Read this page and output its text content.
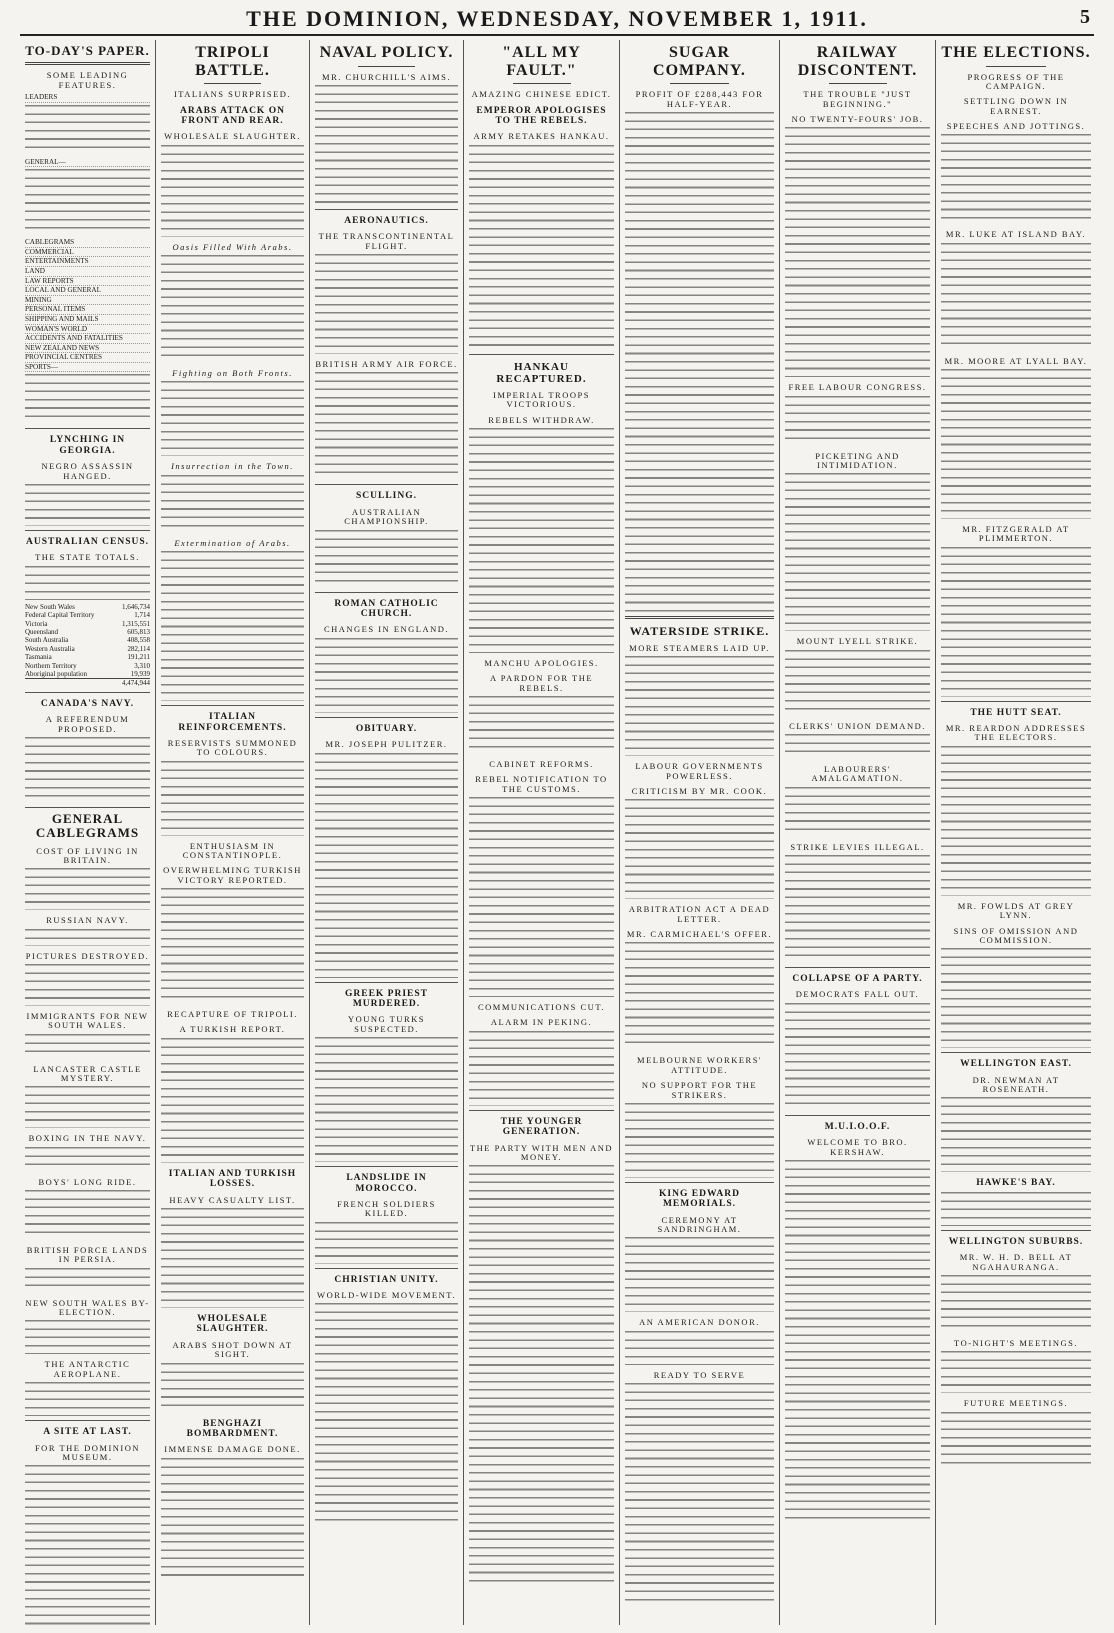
THE DOMINION, WEDNESDAY, NOVEMBER 1, 1911.	5
TO-DAY'S PAPER.
SOME LEADING FEATURES.
LEADERS
GENERAL—
CABLEGRAMS
COMMERCIAL
ENTERTAINMENTS
LAND
LAW REPORTS
LOCAL AND GENERAL
MINING
PERSONAL ITEMS
SHIPPING AND MAILS
WOMAN'S WORLD
ACCIDENTS AND FATALITIES
NEW ZEALAND NEWS
PROVINCIAL CENTRES
SPORTS—
LYNCHING IN GEORGIA.
NEGRO ASSASSIN HANGED.
AUSTRALIAN CENSUS.
THE STATE TOTALS.
New South Wales	1,646,734
Federal Capital Territory	1,714
Victoria	1,315,551
Queensland	605,813
South Australia	408,558
Western Australia	282,114
Tasmania	191,211
Northern Territory	3,310
Aboriginal population	19,939
4,474,944
CANADA'S NAVY.
A REFERENDUM PROPOSED.
GENERAL CABLEGRAMS
COST OF LIVING IN BRITAIN.
RUSSIAN NAVY.
PICTURES DESTROYED.
IMMIGRANTS FOR NEW SOUTH WALES.
LANCASTER CASTLE MYSTERY.
BOXING IN THE NAVY.
BOYS' LONG RIDE.
BRITISH FORCE LANDS IN PERSIA.
NEW SOUTH WALES BY-ELECTION.
THE ANTARCTIC AEROPLANE.
A SITE AT LAST.
FOR THE DOMINION MUSEUM.
TRIPOLI BATTLE.
ITALIANS SURPRISED.
ARABS ATTACK ON FRONT AND REAR.
WHOLESALE SLAUGHTER.
Oasis Filled With Arabs.
Fighting on Both Fronts.
Insurrection in the Town.
Extermination of Arabs.
ITALIAN REINFORCEMENTS.
RESERVISTS SUMMONED TO COLOURS.
ENTHUSIASM IN CONSTANTINOPLE.
OVERWHELMING TURKISH VICTORY REPORTED.
RECAPTURE OF TRIPOLI.
A TURKISH REPORT.
ITALIAN AND TURKISH LOSSES.
HEAVY CASUALTY LIST.
WHOLESALE SLAUGHTER.
ARABS SHOT DOWN AT SIGHT.
BENGHAZI BOMBARDMENT.
IMMENSE DAMAGE DONE.
NAVAL POLICY.
MR. CHURCHILL'S AIMS.
AERONAUTICS.
THE TRANSCONTINENTAL FLIGHT.
BRITISH ARMY AIR FORCE.
SCULLING.
AUSTRALIAN CHAMPIONSHIP.
ROMAN CATHOLIC CHURCH.
CHANGES IN ENGLAND.
OBITUARY.
MR. JOSEPH PULITZER.
GREEK PRIEST MURDERED.
YOUNG TURKS SUSPECTED.
LANDSLIDE IN MOROCCO.
FRENCH SOLDIERS KILLED.
CHRISTIAN UNITY.
WORLD-WIDE MOVEMENT.
"ALL MY FAULT."
AMAZING CHINESE EDICT.
EMPEROR APOLOGISES TO THE REBELS.
ARMY RETAKES HANKAU.
HANKAU RECAPTURED.
IMPERIAL TROOPS VICTORIOUS.
REBELS WITHDRAW.
MANCHU APOLOGIES.
A PARDON FOR THE REBELS.
CABINET REFORMS.
REBEL NOTIFICATION TO THE CUSTOMS.
COMMUNICATIONS CUT.
ALARM IN PEKING.
THE YOUNGER GENERATION.
THE PARTY WITH MEN AND MONEY.
SUGAR COMPANY.
PROFIT OF £288,443 FOR HALF-YEAR.
WATERSIDE STRIKE.
MORE STEAMERS LAID UP.
LABOUR GOVERNMENTS POWERLESS.
CRITICISM BY MR. COOK.
ARBITRATION ACT A DEAD LETTER.
MR. CARMICHAEL'S OFFER.
MELBOURNE WORKERS' ATTITUDE.
NO SUPPORT FOR THE STRIKERS.
KING EDWARD MEMORIALS.
CEREMONY AT SANDRINGHAM.
AN AMERICAN DONOR.
READY TO SERVE
RAILWAY DISCONTENT.
THE TROUBLE "JUST BEGINNING."
NO TWENTY-FOURS' JOB.
FREE LABOUR CONGRESS.
PICKETING AND INTIMIDATION.
MOUNT LYELL STRIKE.
CLERKS' UNION DEMAND.
LABOURERS' AMALGAMATION.
STRIKE LEVIES ILLEGAL.
COLLAPSE OF A PARTY.
DEMOCRATS FALL OUT.
M.U.I.O.O.F.
WELCOME TO BRO. KERSHAW.
THE ELECTIONS.
PROGRESS OF THE CAMPAIGN.
SETTLING DOWN IN EARNEST.
SPEECHES AND JOTTINGS.
MR. LUKE AT ISLAND BAY.
MR. MOORE AT LYALL BAY.
MR. FITZGERALD AT PLIMMERTON.
THE HUTT SEAT.
MR. REARDON ADDRESSES THE ELECTORS.
MR. FOWLDS AT GREY LYNN.
SINS OF OMISSION AND COMMISSION.
WELLINGTON EAST.
DR. NEWMAN AT ROSENEATH.
HAWKE'S BAY.
WELLINGTON SUBURBS.
MR. W. H. D. BELL AT NGAHAURANGA.
TO-NIGHT'S MEETINGS.
FUTURE MEETINGS.
